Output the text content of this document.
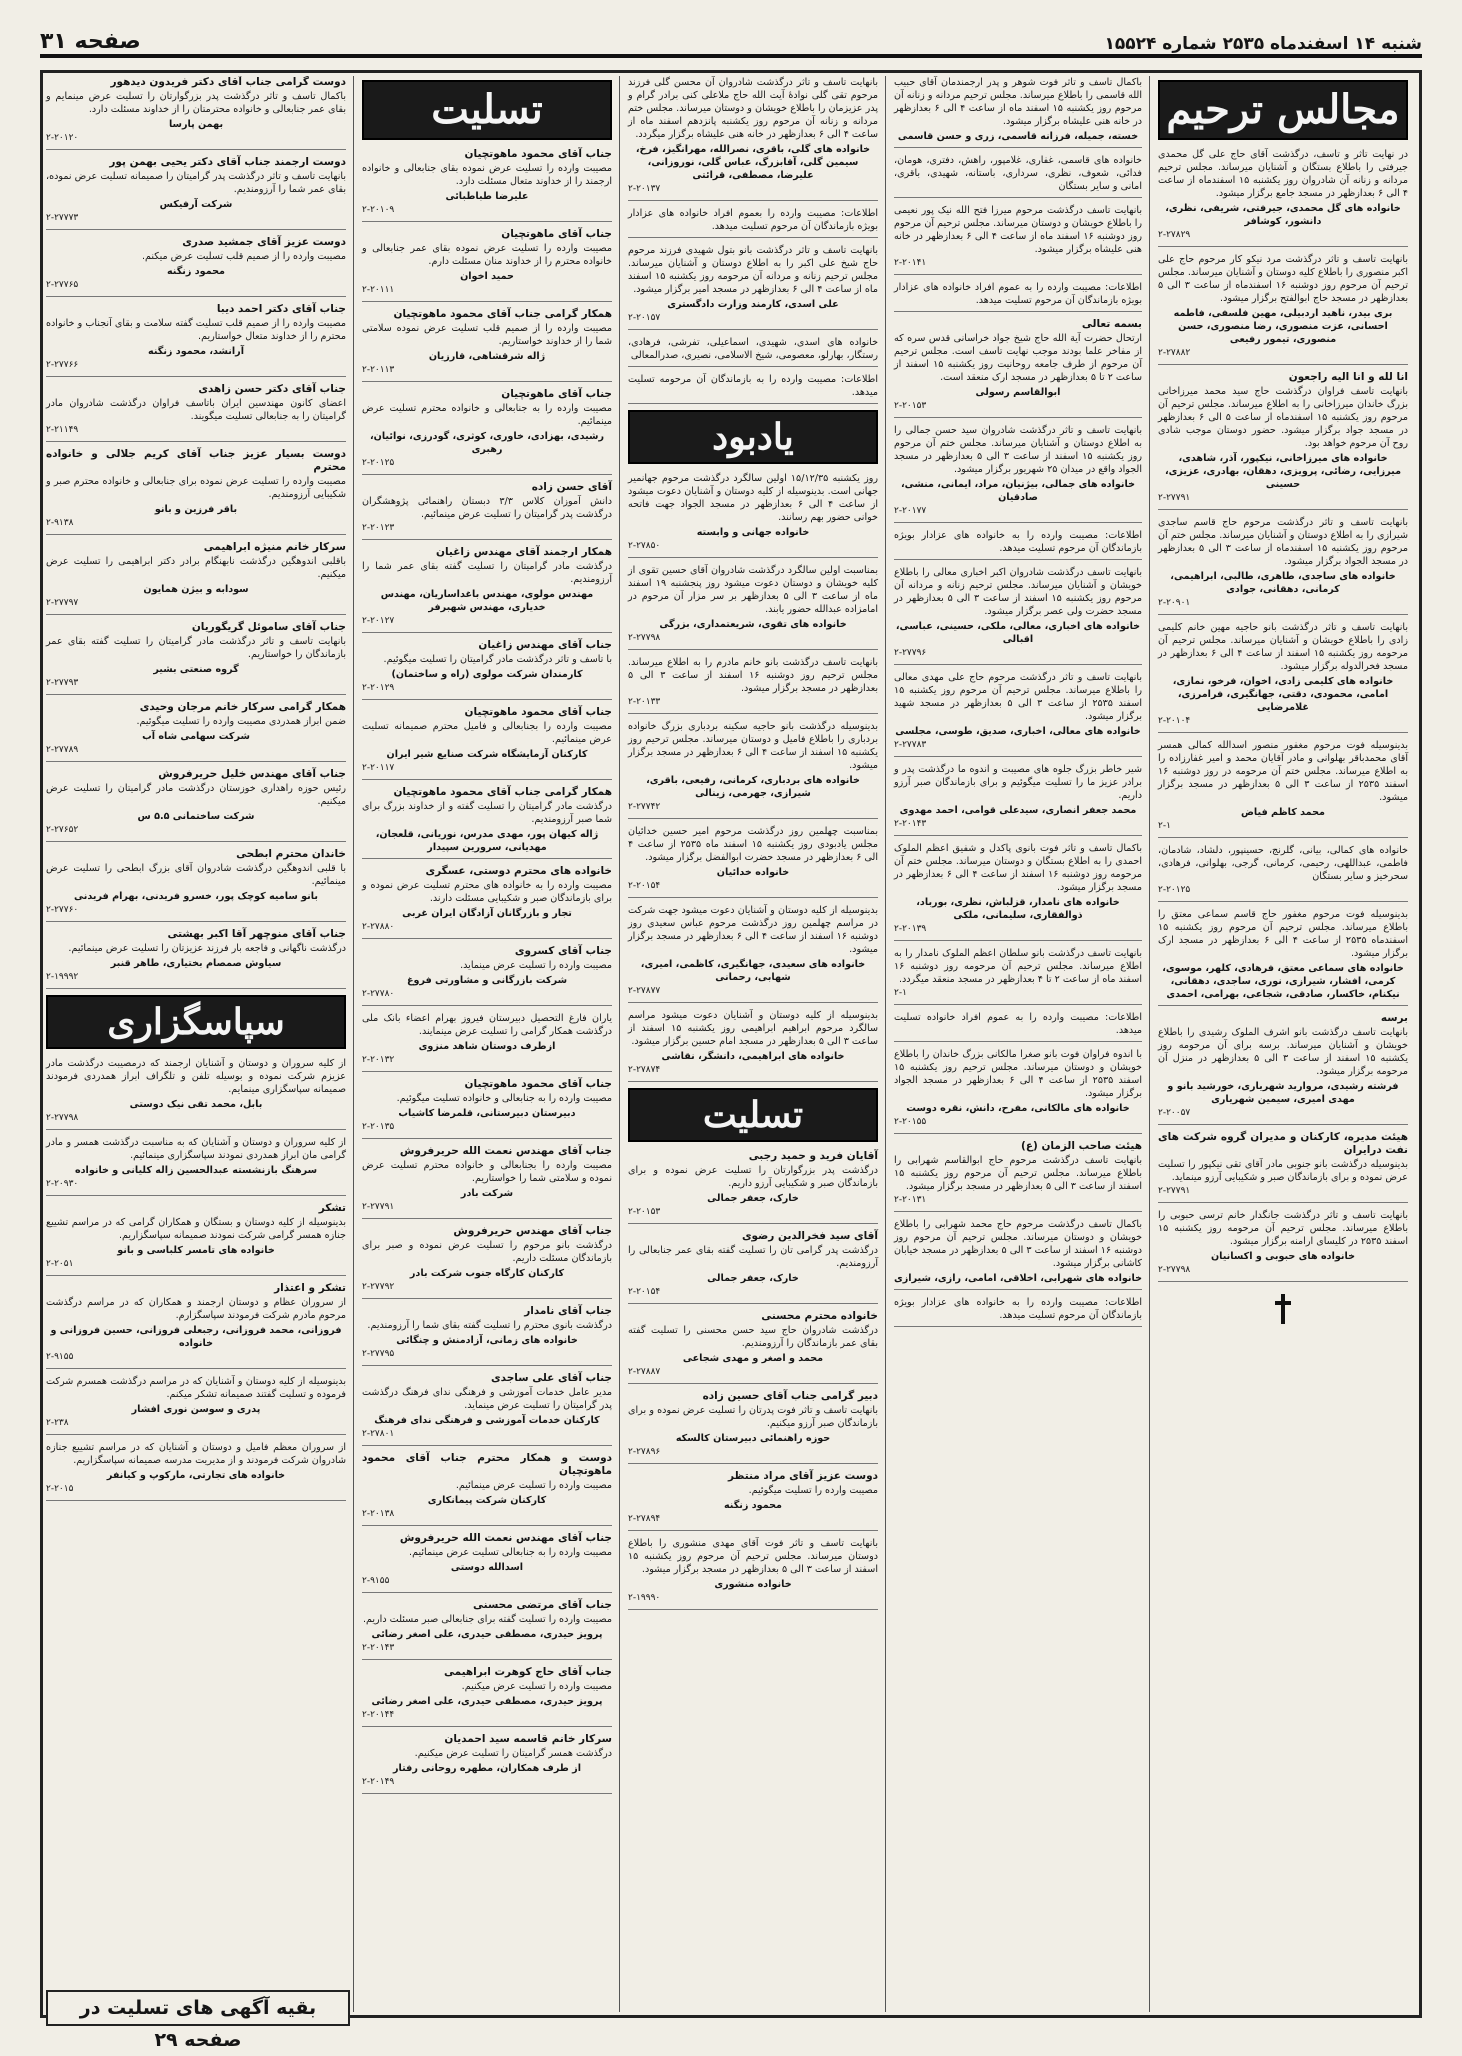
شنبه ۱۴ اسفندماه ۲۵۳۵ شماره ۱۵۵۲۴
صفحه ۳۱
مجالس ترحیم
در نهایت تاثر و تاسف، درگذشت آقای حاج علی گل محمدی جیرفتی را باطلاع بستگان و آشنایان میرساند. مجلس ترحیم مردانه و زنانه آن شادروان روز یکشنبه ۱۵ اسفندماه از ساعت ۴ الی ۶ بعدازظهر در مسجد جامع برگزار میشود.
خانواده های گل محمدی، جیرفتی، شریفی، نظری، دانشور، کوشافر
۲-۲۷۸۲۹
بانهایت تاسف و تاثر درگذشت مرد نیکو کار مرحوم حاج علی اکبر منصوری را باطلاع کلیه دوستان و آشنایان میرساند. مجلس ترحیم آن مرحوم روز دوشنبه ۱۶ اسفندماه از ساعت ۳ الی ۵ بعدازظهر در مسجد حاج ابوالفتح برگزار میشود.
بری بیدر، ناهید اردبیلی، مهین فلسفی، فاطمه احسانی، عزت منصوری، رضا منصوری، حسن منصوری، تیمور رفیعی
۲-۲۷۸۸۲
انا لله و انا الیه راجعون
بانهایت تاسف فراوان درگذشت حاج سید محمد میرزاخانی بزرگ خاندان میرزاخانی را به اطلاع میرساند. مجلس ترحیم آن مرحوم روز یکشنبه ۱۵ اسفندماه از ساعت ۵ الی ۶ بعدازظهر در مسجد جواد برگزار میشود. حضور دوستان موجب شادی روح آن مرحوم خواهد بود.
خانواده های میرزاخانی، نیکپور، آذر، شاهدی، میرزایی، رضائی، پرویزی، دهقان، بهادری، عزیزی، حسینی
۲-۲۷۷۹۱
بانهایت تاسف و تاثر درگذشت مرحوم حاج قاسم ساجدی شیرازی را به اطلاع دوستان و آشنایان میرساند. مجلس ختم آن مرحوم روز یکشنبه ۱۵ اسفندماه از ساعت ۳ الی ۵ بعدازظهر در مسجد الجواد برگزار میشود.
خانواده های ساجدی، طاهری، طالبی، ابراهیمی، کرمانی، دهقانی، جوادی
۲-۲۰۹۰۱
بانهایت تاسف و تاثر درگذشت بانو حاجیه مهین خانم کلیمی زادی را باطلاع خویشان و آشنایان میرساند. مجلس ترحیم آن مرحومه روز یکشنبه ۱۵ اسفند از ساعت ۴ الی ۶ بعدازظهر در مسجد فخرالدوله برگزار میشود.
خانواده های کلیمی زادی، اخوان، فرخو، نمازی، امامی، محمودی، دقتی، جهانگیری، فرامرزی، غلامرضایی
۲-۲۰۱۰۴
بدینوسیله فوت مرحوم مغفور منصور اسدالله کمالی همسر آقای محمدباقر بهلوانی و مادر آقایان محمد و امیر غفارزاده را به اطلاع میرساند. مجلس ختم آن مرحومه در روز دوشنبه ۱۶ اسفند ۲۵۳۵ از ساعت ۳ الی ۵ بعدازظهر در مسجد برگزار میشود.
محمد کاظم فیاض
۲-۱
خانواده های کمالی، بیانی، گلرنج، حسینپور، دلشاد، شادمان، فاطمی، عبداللهی، رحیمی، کرمانی، گرجی، بهلوانی، فرهادی، سحرخیز و سایر بستگان
۲-۲۰۱۲۵
بدینوسیله فوت مرحوم مغفور حاج قاسم سماعی معتق را باطلاع میرساند. مجلس ترحیم آن مرحوم روز یکشنبه ۱۵ اسفندماه ۲۵۳۵ از ساعت ۴ الی ۶ بعدازظهر در مسجد ارک برگزار میشود.
خانواده های سماعی معتق، فرهادی، کلهر، موسوی، کرمی، افشار، شیرازی، نوری، ساجدی، دهقانی، نیکنام، خاکسار، صادقی، شجاعی، بهرامی، احمدی
برسه
بانهایت تاسف درگذشت بانو اشرف الملوک رشیدی را باطلاع خویشان و آشنایان میرساند. برسه برای آن مرحومه روز یکشنبه ۱۵ اسفند از ساعت ۳ الی ۵ بعدازظهر در منزل آن مرحومه برگزار میشود.
فرشته رشیدی، مروارید شهریاری، خورشید بانو و مهدی امیری، سیمین شهریاری
۲-۲۰۰۵۷
هیئت مدیره، کارکنان و مدیران گروه شرکت های نفت درایران
بدینوسیله درگذشت بانو جنوبی مادر آقای تقی نیکپور را تسلیت عرض نموده و برای بازماندگان صبر و شکیبایی آرزو مینماید.
۲-۲۷۷۹۱
بانهایت تاسف و تاثر درگذشت جانگدار خانم ترسی حبوبی را باطلاع میرساند. مجلس ترحیم آن مرحومه روز یکشنبه ۱۵ اسفند ۲۵۳۵ در کلیسای ارامنه برگزار میشود.
خانواده های حبوبی و اکسانیان
۲-۲۷۷۹۸
باکمال تاسف و تاثر فوت شوهر و پدر ارجمندمان آقای حبیب الله قاسمی را باطلاع میرساند. مجلس ترحیم مردانه و زنانه آن مرحوم روز یکشنبه ۱۵ اسفند ماه از ساعت ۴ الی ۶ بعدازظهر در خانه هنی علیشاه برگزار میشود.
خسته، جمیله، فرزانه قاسمی، زری و حسن قاسمی
خانواده های قاسمی، غفاری، غلامپور، راهش، دفتری، هومان، فدائی، شعوف، نظری، سرداری، باستانه، شهیدی، باقری، امانی و سایر بستگان
بانهایت تاسف درگذشت مرحوم میرزا فتح الله نیک پور نعیمی را باطلاع خویشان و دوستان میرساند. مجلس ترحیم آن مرحوم روز دوشنبه ۱۶ اسفند ماه از ساعت ۴ الی ۶ بعدازظهر در خانه هنی علیشاه برگزار میشود.
۲-۲۰۱۴۱
اطلاعات: مصیبت وارده را به عموم افراد خانواده های عزادار بویژه بازماندگان آن مرحوم تسلیت میدهد.
بسمه تعالی
ارتحال حضرت آیة الله حاج شیخ جواد خراسانی قدس سره که از مفاخر علما بودند موجب نهایت تاسف است. مجلس ترحیم آن مرحوم از طرف جامعه روحانیت روز یکشنبه ۱۵ اسفند از ساعت ۲ تا ۵ بعدازظهر در مسجد ارک منعقد است.
ابوالقاسم رسولی
۲-۲۰۱۵۳
بانهایت تاسف و تاثر درگذشت شادروان سید حسن جمالی را به اطلاع دوستان و آشنایان میرساند. مجلس ختم آن مرحوم روز یکشنبه ۱۵ اسفند از ساعت ۳ الی ۵ بعدازظهر در مسجد الجواد واقع در میدان ۲۵ شهریور برگزار میشود.
خانواده های جمالی، بیژنیان، مراد، ایمانی، منشی، صادقیان
۲-۲۰۱۷۷
اطلاعات: مصیبت وارده را به خانواده های عزادار بویژه بازماندگان آن مرحوم تسلیت میدهد.
بانهایت تاسف درگذشت شادروان اکبر اخباری معالی را باطلاع خویشان و آشنایان میرساند. مجلس ترحیم زنانه و مردانه آن مرحوم روز یکشنبه ۱۵ اسفند از ساعت ۳ الی ۵ بعدازظهر در مسجد حضرت ولی عصر برگزار میشود.
خانواده های اخباری، معالی، ملکی، حسینی، عباسی، اقبالی
۲-۲۷۷۹۶
بانهایت تاسف و تاثر درگذشت مرحوم حاج علی مهدی معالی را باطلاع میرساند. مجلس ترحیم آن مرحوم روز یکشنبه ۱۵ اسفند ۲۵۳۵ از ساعت ۳ الی ۵ بعدازظهر در مسجد شهید برگزار میشود.
خانواده های معالی، اخباری، صدیق، طوسی، مجلسی
۲-۲۷۷۸۳
شیر خاطر بزرگ جلوه های مصیبت و اندوه ما درگذشت پدر و برادر عزیز ما را تسلیت میگوئیم و برای بازماندگان صبر آرزو داریم.
محمد جعفر انصاری، سیدعلی قوامی، احمد مهدوی
۲-۲۰۱۴۳
باکمال تاسف و تاثر فوت بانوی پاکدل و شفیق اعظم الملوک احمدی را به اطلاع بستگان و دوستان میرساند. مجلس ختم آن مرحومه روز دوشنبه ۱۶ اسفند از ساعت ۴ الی ۶ بعدازظهر در مسجد برگزار میشود.
خانواده های نامدار، قزلباش، نظری، بورباد، ذوالفقاری، سلیمانی، ملکی
۲-۲۰۱۳۹
بانهایت تاسف درگذشت بانو سلطان اعظم الملوک نامدار را به اطلاع میرساند. مجلس ترحیم آن مرحومه روز دوشنبه ۱۶ اسفند ماه از ساعت ۲ تا ۴ بعدازظهر در مسجد منعقد میگردد.
۲-۱
اطلاعات: مصیبت وارده را به عموم افراد خانواده تسلیت میدهد.
با اندوه فراوان فوت بانو صغرا مالکانی بزرگ خاندان را باطلاع خویشان و دوستان میرساند. مجلس ترحیم روز یکشنبه ۱۵ اسفند ۲۵۳۵ از ساعت ۴ الی ۶ بعدازظهر در مسجد الجواد برگزار میشود.
خانواده های مالکانی، مفرح، دانش، نقره دوست
۲-۲۰۱۵۵
هیئت صاحب الزمان (ع)
بانهایت تاسف درگذشت مرحوم حاج ابوالقاسم شهرابی را باطلاع میرساند. مجلس ترحیم آن مرحوم روز یکشنبه ۱۵ اسفند از ساعت ۳ الی ۵ بعدازظهر در مسجد برگزار میشود.
۲-۲۰۱۳۱
باکمال تاسف درگذشت مرحوم حاج محمد شهرابی را باطلاع خویشان و دوستان میرساند. مجلس ترحیم آن مرحوم روز دوشنبه ۱۶ اسفند از ساعت ۳ الی ۵ بعدازظهر در مسجد خیابان کاشانی برگزار میشود.
خانواده های شهرابی، اخلاقی، امامی، رازی، شیرازی
اطلاعات: مصیبت وارده را به خانواده های عزادار بویژه بازماندگان آن مرحوم تسلیت میدهد.
بانهایت تاسف و تاثر درگذشت شادروان آن محسن گلی فرزند مرحوم تقی گلی نوادهٔ آیت الله حاج ملاعلی کنی برادر گرام و پدر عزیزمان را باطلاع خویشان و دوستان میرساند. مجلس ختم مردانه و زنانه آن مرحوم روز یکشنبه پانزدهم اسفند ماه از ساعت ۴ الی ۶ بعدازظهر در خانه هنی علیشاه برگزار میگردد.
خانواده های گلی، باقری، نصرالله، مهرانگیز، فرخ، سیمین گلی، آقابزرگ، عباس گلی، نوروزانی، علیرضا، مصطفی، قرائتی
۲-۲۰۱۳۷
اطلاعات: مصیبت وارده را بعموم افراد خانواده های عزادار بویژه بازماندگان آن مرحوم تسلیت میدهد.
بانهایت تاسف و تاثر درگذشت بانو بتول شهیدی فرزند مرحوم حاج شیخ علی اکبر را به اطلاع دوستان و آشنایان میرساند. مجلس ترحیم زنانه و مردانه آن مرحومه روز یکشنبه ۱۵ اسفند ماه از ساعت ۴ الی ۶ بعدازظهر در مسجد امیر برگزار میشود.
علی اسدی، کارمند وزارت دادگستری
۲-۲۰۱۵۷
خانواده های اسدی، شهیدی، اسماعیلی، تفرشی، فرهادی، رستگار، بهارلو، معصومی، شیخ الاسلامی، نصیری، صدرالمعالی
اطلاعات: مصیبت وارده را به بازماندگان آن مرحومه تسلیت میدهد.
یادبود
روز یکشنبه ۱۵/۱۲/۳۵ اولین سالگرد درگذشت مرحوم جهانمیر جهانی است. بدینوسیله از کلیه دوستان و آشنایان دعوت میشود از ساعت ۴ الی ۶ بعدازظهر در مسجد الجواد جهت فاتحه خوانی حضور بهم رسانند.
خانواده جهانی و وابسته
۲-۲۷۸۵۰
بمناسبت اولین سالگرد درگذشت شادروان آقای حسین تقوی از کلیه خویشان و دوستان دعوت میشود روز پنجشنبه ۱۹ اسفند ماه از ساعت ۳ الی ۵ بعدازظهر بر سر مزار آن مرحوم در امامزاده عبدالله حضور یابند.
خانواده های تقوی، شریعتمداری، بزرگی
۲-۲۷۷۹۸
بانهایت تاسف درگذشت بانو خانم مادرم را به اطلاع میرساند. مجلس ترحیم روز دوشنبه ۱۶ اسفند از ساعت ۳ الی ۵ بعدازظهر در مسجد برگزار میشود.
۲-۲۰۱۳۳
بدینوسیله درگذشت بانو حاجیه سکینه بردباری بزرگ خانواده بردباری را باطلاع فامیل و دوستان میرساند. مجلس ترحیم روز یکشنبه ۱۵ اسفند از ساعت ۴ الی ۶ بعدازظهر در مسجد برگزار میشود.
خانواده های بردباری، کرمانی، رفیعی، باقری، شیرازی، جهرمی، زینالی
۲-۲۷۷۴۲
بمناسبت چهلمین روز درگذشت مرحوم امیر حسین خدائیان مجلس یادبودی روز یکشنبه ۱۵ اسفند ماه ۲۵۳۵ از ساعت ۴ الی ۶ بعدازظهر در مسجد حضرت ابوالفضل برگزار میشود.
خانواده خدائیان
۲-۲۰۱۵۴
بدینوسیله از کلیه دوستان و آشنایان دعوت میشود جهت شرکت در مراسم چهلمین روز درگذشت مرحوم عباس سعیدی روز دوشنبه ۱۶ اسفند از ساعت ۴ الی ۶ بعدازظهر در مسجد برگزار میشود.
خانواده های سعیدی، جهانگیری، کاظمی، امیری، شهابی، رحمانی
۲-۲۷۸۷۷
بدینوسیله از کلیه دوستان و آشنایان دعوت میشود مراسم سالگرد مرحوم ابراهیم ابراهیمی روز یکشنبه ۱۵ اسفند از ساعت ۳ الی ۵ بعدازظهر در مسجد امام حسین برگزار میشود.
خانواده های ابراهیمی، دانشگر، نقاشی
۲-۲۷۸۷۴
تسلیت
آقایان فرید و حمید رجبی
درگذشت پدر بزرگوارتان را تسلیت عرض نموده و برای بازماندگان صبر و شکیبایی آرزو داریم.
خارک، جعفر جمالی
۲-۲۰۱۵۳
آقای سید فخرالدین رضوی
درگذشت پدر گرامی تان را تسلیت گفته بقای عمر جنابعالی را آرزومندیم.
خارک، جعفر جمالی
۲-۲۰۱۵۴
خانواده محترم محسنی
درگذشت شادروان حاج سید حسن محسنی را تسلیت گفته بقای عمر بازماندگان را آرزومندیم.
محمد و اصغر و مهدی شجاعی
۲-۲۷۸۸۷
دبیر گرامی جناب آقای حسین زاده
بانهایت تاسف و تاثر فوت پدرتان را تسلیت عرض نموده و برای بازماندگان صبر آرزو میکنیم.
حوزه راهنمائی دبیرستان کالسکه
۲-۲۷۸۹۶
دوست عزیز آقای مراد منتظر
مصیبت وارده را تسلیت میگوئیم.
محمود زنگنه
۲-۲۷۸۹۴
بانهایت تاسف و تاثر فوت آقای مهدی منشوری را باطلاع دوستان میرساند. مجلس ترحیم آن مرحوم روز یکشنبه ۱۵ اسفند از ساعت ۳ الی ۵ بعدازظهر در مسجد برگزار میشود.
خانواده منشوری
۲-۱۹۹۹۰
تسلیت
جناب آقای محمود ماهوتچیان
مصیبت وارده را تسلیت عرض نموده بقای جنابعالی و خانواده ارجمند را از خداوند متعال مسئلت دارد.
علیرضا طباطبائی
۲-۲۰۱۰۹
جناب آقای ماهوتچیان
مصیبت وارده را تسلیت عرض نموده بقای عمر جنابعالی و خانواده محترم را از خداوند منان مسئلت دارم.
حمید اخوان
۲-۲۰۱۱۱
همکار گرامی جناب آقای محمود ماهوتچیان
مصیبت وارده را از صمیم قلب تسلیت عرض نموده سلامتی شما را از خداوند خواستاریم.
ژاله شرقشاهی، قارزیان
۲-۲۰۱۱۳
جناب آقای ماهوتچیان
مصیبت وارده را به جنابعالی و خانواده محترم تسلیت عرض مینمائیم.
رشیدی، بهزادی، خاوری، کوثری، گودرزی، نوائیان، رهبری
۲-۲۰۱۲۵
آقای حسن زاده
دانش آموزان کلاس ۳/۳ دبستان راهنمائی پژوهشگران درگذشت پدر گرامیتان را تسلیت عرض مینمائیم.
۲-۲۰۱۲۳
همکار ارجمند آقای مهندس زاغیان
درگذشت مادر گرامیتان را تسلیت گفته بقای عمر شما را آرزومندیم.
مهندس مولوی، مهندس باغداساریان، مهندس خدیاری، مهندس شهبرفر
۲-۲۰۱۲۷
جناب آقای مهندس زاغیان
با تاسف و تاثر درگذشت مادر گرامیتان را تسلیت میگوئیم.
کارمندان شرکت مولوی (راه و ساختمان)
۲-۲۰۱۲۹
جناب آقای محمود ماهوتچیان
مصیبت وارده را بجنابعالی و فامیل محترم صمیمانه تسلیت عرض مینمائیم.
کارکنان آزمایشگاه شرکت صنایع شیر ایران
۲-۲۰۱۱۷
همکار گرامی جناب آقای محمود ماهوتچیان
درگذشت مادر گرامیتان را تسلیت گفته و از خداوند بزرگ برای شما صبر آرزومندیم.
ژاله کیهان پور، مهدی مدرس، نوریانی، قلعجان، مهدیانی، سرورین سپیدار
خانواده های محترم دوستی، عسگری
مصیبت وارده را به خانواده های محترم تسلیت عرض نموده و برای بازماندگان صبر و شکیبایی مسئلت دارند.
تجار و بازرگانان آزادگان ایران غربی
۲-۲۷۸۸۰
جناب آقای کسروی
مصیبت وارده را تسلیت عرض مینماید.
شرکت بازرگانی و مشاورتی فروغ
۲-۲۷۷۸۰
یاران فارغ التحصیل دبیرستان فیروز بهرام اعضاء بانک ملی درگذشت همکار گرامی را تسلیت عرض مینمایند.
ازطرف دوستان شاهد منزوی
۲-۲۰۱۳۲
جناب آقای محمود ماهوتچیان
مصیبت وارده را به جنابعالی و خانواده تسلیت میگوئیم.
دبیرستان دبیرستانی، قلمرضا کاشیاب
۲-۲۰۱۳۵
جناب آقای مهندس نعمت الله حریرفروش
مصیبت وارده را بجنابعالی و خانواده محترم تسلیت عرض نموده و سلامتی شما را خواستاریم.
شرکت بادر
۲-۲۷۷۹۱
جناب آقای مهندس حریرفروش
درگذشت بانو مرحوم را تسلیت عرض نموده و صبر برای بازماندگان مسئلت داریم.
کارکنان کارگاه جنوب شرکت بادر
۲-۲۷۷۹۲
جناب آقای نامدار
درگذشت بانوی محترم را تسلیت گفته بقای شما را آرزومندیم.
خانواده های زمانی، آزادمنش و چنگائی
۲-۲۷۷۹۵
جناب آقای علی ساجدی
مدیر عامل خدمات آموزشی و فرهنگی ندای فرهنگ درگذشت پدر گرامیتان را تسلیت عرض مینماید.
کارکنان خدمات آموزشی و فرهنگی ندای فرهنگ
۲-۲۷۸۰۱
دوست و همکار محترم جناب آقای محمود ماهوتچیان
مصیبت وارده را تسلیت عرض مینمائیم.
کارکنان شرکت پیمانکاری
۲-۲۰۱۳۸
جناب آقای مهندس نعمت الله حریرفروش
مصیبت وارده را به جنابعالی تسلیت عرض مینمائیم.
اسدالله دوستی
۲-۹۱۵۵
جناب آقای مرتضی محسنی
مصیبت وارده را تسلیت گفته برای جنابعالی صبر مسئلت داریم.
پرویز حیدری، مصطفی حیدری، علی اصغر رضائی
۲-۲۰۱۴۳
جناب آقای حاج کوهرت ابراهیمی
مصیبت وارده را تسلیت عرض میکنیم.
پرویز حیدری، مصطفی حیدری، علی اصغر رضائی
۲-۲۰۱۴۴
سرکار خانم قاسمه سید احمدیان
درگذشت همسر گرامیتان را تسلیت عرض میکنیم.
از طرف همکاران، مطهره روحانی رفتار
۲-۲۰۱۴۹
دوست گرامی جناب آقای دکتر فریدون دیدهور
باکمال تاسف و تاثر درگذشت پدر بزرگوارتان را تسلیت عرض مینمایم و بقای عمر جنابعالی و خانواده محترمتان را از خداوند مسئلت دارد.
بهمن پارسا
۲-۲۰۱۲۰
دوست ارجمند جناب آقای دکتر یحیی بهمن پور
بانهایت تاسف و تاثر درگذشت پدر گرامیتان را صمیمانه تسلیت عرض نموده، بقای عمر شما را آرزومندیم.
شرکت آرفیکس
۲-۲۷۷۷۳
دوست عزیز آقای جمشید صدری
مصیبت وارده را از صمیم قلب تسلیت عرض میکنم.
محمود زنگنه
۲-۲۷۷۶۵
جناب آقای دکتر احمد دیبا
مصیبت وارده را از صمیم قلب تسلیت گفته سلامت و بقای آنجناب و خانواده محترم را از خداوند متعال خواستاریم.
آرانشد، محمود زنگنه
۲-۲۷۷۶۶
جناب آقای دکتر حسن زاهدی
اعضای کانون مهندسین ایران باتاسف فراوان درگذشت شادروان مادر گرامیتان را به جنابعالی تسلیت میگویند.
۲-۲۱۱۴۹
دوست بسیار عزیز جناب آقای کریم جلالی و خانواده محترم
مصیبت وارده را تسلیت عرض نموده برای جنابعالی و خانواده محترم صبر و شکیبایی آرزومندیم.
باقر فرزین و بانو
۲-۹۱۳۸
سرکار خانم منیژه ابراهیمی
باقلبی اندوهگین درگذشت نابهنگام برادر دکتر ابراهیمی را تسلیت عرض میکنیم.
سودابه و بیژن همایون
۲-۲۷۷۹۷
جناب آقای ساموئل گریگوریان
بانهایت تاسف و تاثر درگذشت مادر گرامیتان را تسلیت گفته بقای عمر بازماندگان را خواستاریم.
گروه صنعتی بشیر
۲-۲۷۷۹۳
همکار گرامی سرکار خانم مرجان وحیدی
ضمن ابراز همدردی مصیبت وارده را تسلیت میگوئیم.
شرکت سهامی شاه آب
۲-۲۷۷۸۹
جناب آقای مهندس خلیل حریرفروش
رئیس حوزه راهداری خوزستان درگذشت مادر گرامیتان را تسلیت عرض میکنیم.
شرکت ساختمانی ۵.۵ س
۲-۲۷۶۵۲
خاندان محترم ابطحی
با قلبی اندوهگین درگذشت شادروان آقای بزرگ ابطحی را تسلیت عرض مینمائیم.
بانو سامیه کوچک پور، خسرو فریدنی، بهرام فریدنی
۲-۲۷۷۶۰
جناب آقای منوچهر آقا اکبر بهشتی
درگذشت ناگهانی و فاجعه بار فرزند عزیزتان را تسلیت عرض مینمائیم.
سیاوش صمصام بختیاری، طاهر قنبر
۲-۱۹۹۹۲
سپاسگزاری
از کلیه سروران و دوستان و آشنایان ارجمند که درمصیبت درگذشت مادر عزیزم شرکت نموده و بوسیله تلفن و تلگراف ابراز همدردی فرمودند صمیمانه سپاسگزاری مینمایم.
بابل، محمد تقی نیک دوستی
۲-۲۷۷۹۸
از کلیه سروران و دوستان و آشنایان که به مناسبت درگذشت همسر و مادر گرامی مان ابراز همدردی نمودند سپاسگزاری مینمائیم.
سرهنگ بازنشسته عبدالحسین زاله کلیانی و خانواده
۲-۲۰۹۳۰
تشکر
بدینوسیله از کلیه دوستان و بستگان و همکاران گرامی که در مراسم تشییع جنازه همسر گرامی شرکت نمودند صمیمانه سپاسگزاریم.
خانواده های تامسر کلباسی و بانو
۲-۲۰۵۱
تشکر و اعتذار
از سروران عظام و دوستان ارجمند و همکاران که در مراسم درگذشت مرحوم مادرم شرکت فرمودند سپاسگزارم.
فروزانی، محمد فروزانی، رجبعلی فروزانی، حسین فروزانی و خانواده
۲-۹۱۵۵
بدینوسیله از کلیه دوستان و آشنایان که در مراسم درگذشت همسرم شرکت فرموده و تسلیت گفتند صمیمانه تشکر میکنم.
پدری و سوسن نوری افشار
۲-۲۳۸
از سروران معظم فامیل و دوستان و آشنایان که در مراسم تشییع جنازه شادروان شرکت فرمودند و از مدیریت مدرسه صمیمانه سپاسگزاریم.
خانواده های تجارتی، مارکوپ و کیانفر
۲-۲۰۱۵
بقیه آگهی های تسلیت در صفحه ۲۹
